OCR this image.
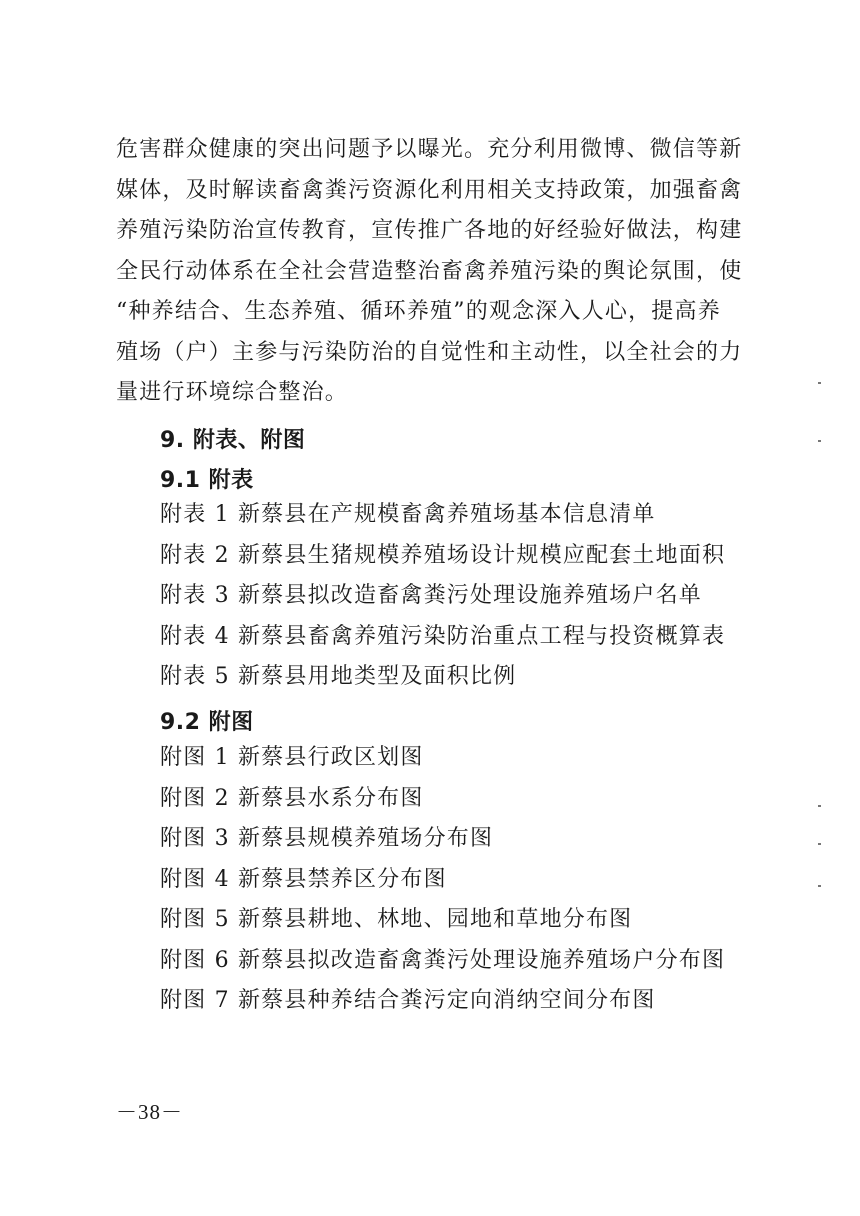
危害群众健康的突出问题予以曝光。充分利用微博、微信等新
媒体，及时解读畜禽粪污资源化利用相关支持政策，加强畜禽
养殖污染防治宣传教育，宣传推广各地的好经验好做法，构建
全民行动体系在全社会营造整治畜禽养殖污染的舆论氛围，使
“种养结合、生态养殖、循环养殖”的观念深入人心，提高养
殖场（户）主参与污染防治的自觉性和主动性，以全社会的力
量进行环境综合整治。
9. 附表、附图
9.1 附表
附表 1 新蔡县在产规模畜禽养殖场基本信息清单
附表 2 新蔡县生猪规模养殖场设计规模应配套土地面积
附表 3 新蔡县拟改造畜禽粪污处理设施养殖场户名单
附表 4 新蔡县畜禽养殖污染防治重点工程与投资概算表
附表 5 新蔡县用地类型及面积比例
9.2 附图
附图 1 新蔡县行政区划图
附图 2 新蔡县水系分布图
附图 3 新蔡县规模养殖场分布图
附图 4 新蔡县禁养区分布图
附图 5 新蔡县耕地、林地、园地和草地分布图
附图 6 新蔡县拟改造畜禽粪污处理设施养殖场户分布图
附图 7 新蔡县种养结合粪污定向消纳空间分布图
－38－
